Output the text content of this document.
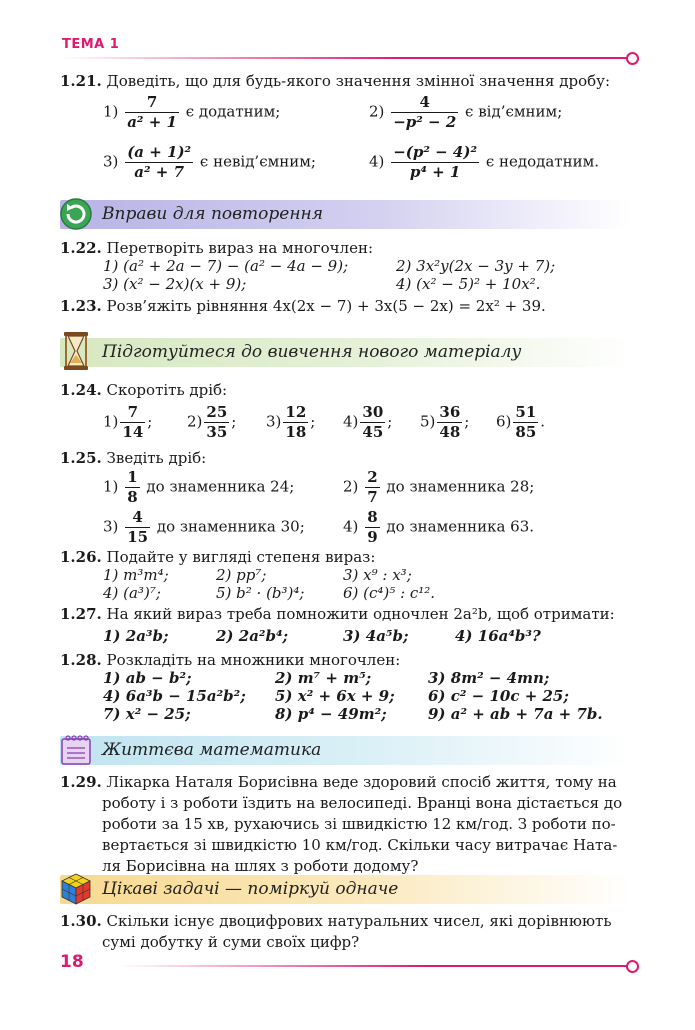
ТЕМА 1
1.21. Доведіть, що для будь-якого значення змінної значення дробу:
$1) \frac{7}{\text{a² + 1}}$ є додатним;	$2) \frac{4}{\text{−p² − 2}}$ є від’ємним;
$3) \frac{\text{(a + 1)²}}{\text{a² + 7}}$ є невід’ємним;	$4) \frac{\text{−(p² − 4)²}}{\text{p⁴ + 1}}$ є недодатним.
Вправи для повторення
1.22. Перетворіть вираз на многочлен:
1) (a² + 2a − 7) − (a² − 4a − 9);	2) 3x²y(2x − 3y + 7);
3) (x² − 2x)(x + 9);	4) (x² − 5)² + 10x².
1.23. Розв’яжіть рівняння 4x(2x − 7) + 3x(5 − 2x) = 2x² + 39.
Підготуйтеся до вивчення нового матеріалу
1.24. Скоротіть дріб:
$1) \frac{7}{14}$ ; $2) \frac{25}{35}$ ; $3) \frac{12}{18}$ ; $4) \frac{30}{45}$ ; $5) \frac{36}{48}$ ; $6) \frac{51}{85}$ .
1.25. Зведіть дріб:
$1) \frac{1}{8}$ до знаменника 24;	$2) \frac{2}{7}$ до знаменника 28;
$3) \frac{4}{15}$ до знаменника 30;	$4) \frac{8}{9}$ до знаменника 63.
1.26. Подайте у вигляді степеня вираз:
1) m³m⁴;	2) pp⁷;	3) x⁹ : x³;
4) (a³)⁷;	5) b² · (b³)⁴;	6) (c⁴)⁵ : c¹².
1.27. На який вираз треба помножити одночлен 2a²b, щоб отримати:
1) 2a³b;	2) 2a²b⁴;	3) 4a⁵b;	4) 16a⁴b³?
1.28. Розкладіть на множники многочлен:
1) ab − b²;	2) m⁷ + m⁵;	3) 8m² − 4mn;
4) 6a³b − 15a²b²; 5) x² + 6x + 9; 6) c² − 10c + 25;
7) x² − 25;	8) p⁴ − 49m²;	9) a² + ab + 7a + 7b.
Життєва математика
1.29. Лікарка Наталя Борисівна веде здоровий спосіб життя, тому на
роботу і з роботи їздить на велосипеді. Вранці вона дістається до
роботи за 15 хв, рухаючись зі швидкістю 12 км/год. З роботи по-
вертається зі швидкістю 10 км/год. Скільки часу витрачає Ната-
ля Борисівна на шлях з роботи додому?
Цікаві задачі — поміркуй одначе
1.30. Скільки існує двоцифрових натуральних чисел, які дорівнюють
сумі добутку й суми своїх цифр?
18
